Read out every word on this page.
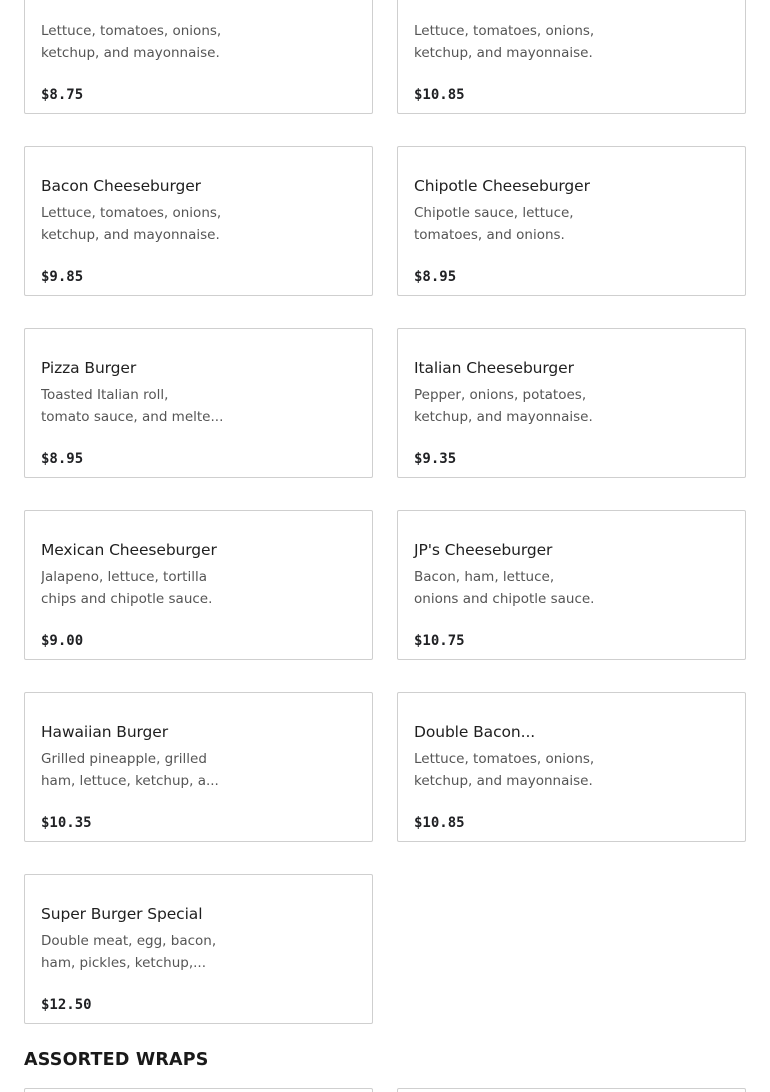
Lettuce, tomatoes, onions,
ketchup, and mayonnaise.
$8.75
Lettuce, tomatoes, onions,
ketchup, and mayonnaise.
$10.85
Bacon Cheeseburger
Lettuce, tomatoes, onions,
ketchup, and mayonnaise.
$9.85
Chipotle Cheeseburger
Chipotle sauce, lettuce,
tomatoes, and onions.
$8.95
Pizza Burger
Toasted Italian roll,
tomato sauce, and melte...
$8.95
Italian Cheeseburger
Pepper, onions, potatoes,
ketchup, and mayonnaise.
$9.35
Mexican Cheeseburger
Jalapeno, lettuce, tortilla
chips and chipotle sauce.
$9.00
JP's Cheeseburger
Bacon, ham, lettuce,
onions and chipotle sauce.
$10.75
Hawaiian Burger
Grilled pineapple, grilled
ham, lettuce, ketchup, a...
$10.35
Double Bacon...
Lettuce, tomatoes, onions,
ketchup, and mayonnaise.
$10.85
Super Burger Special
Double meat, egg, bacon,
ham, pickles, ketchup,...
$12.50
ASSORTED WRAPS
